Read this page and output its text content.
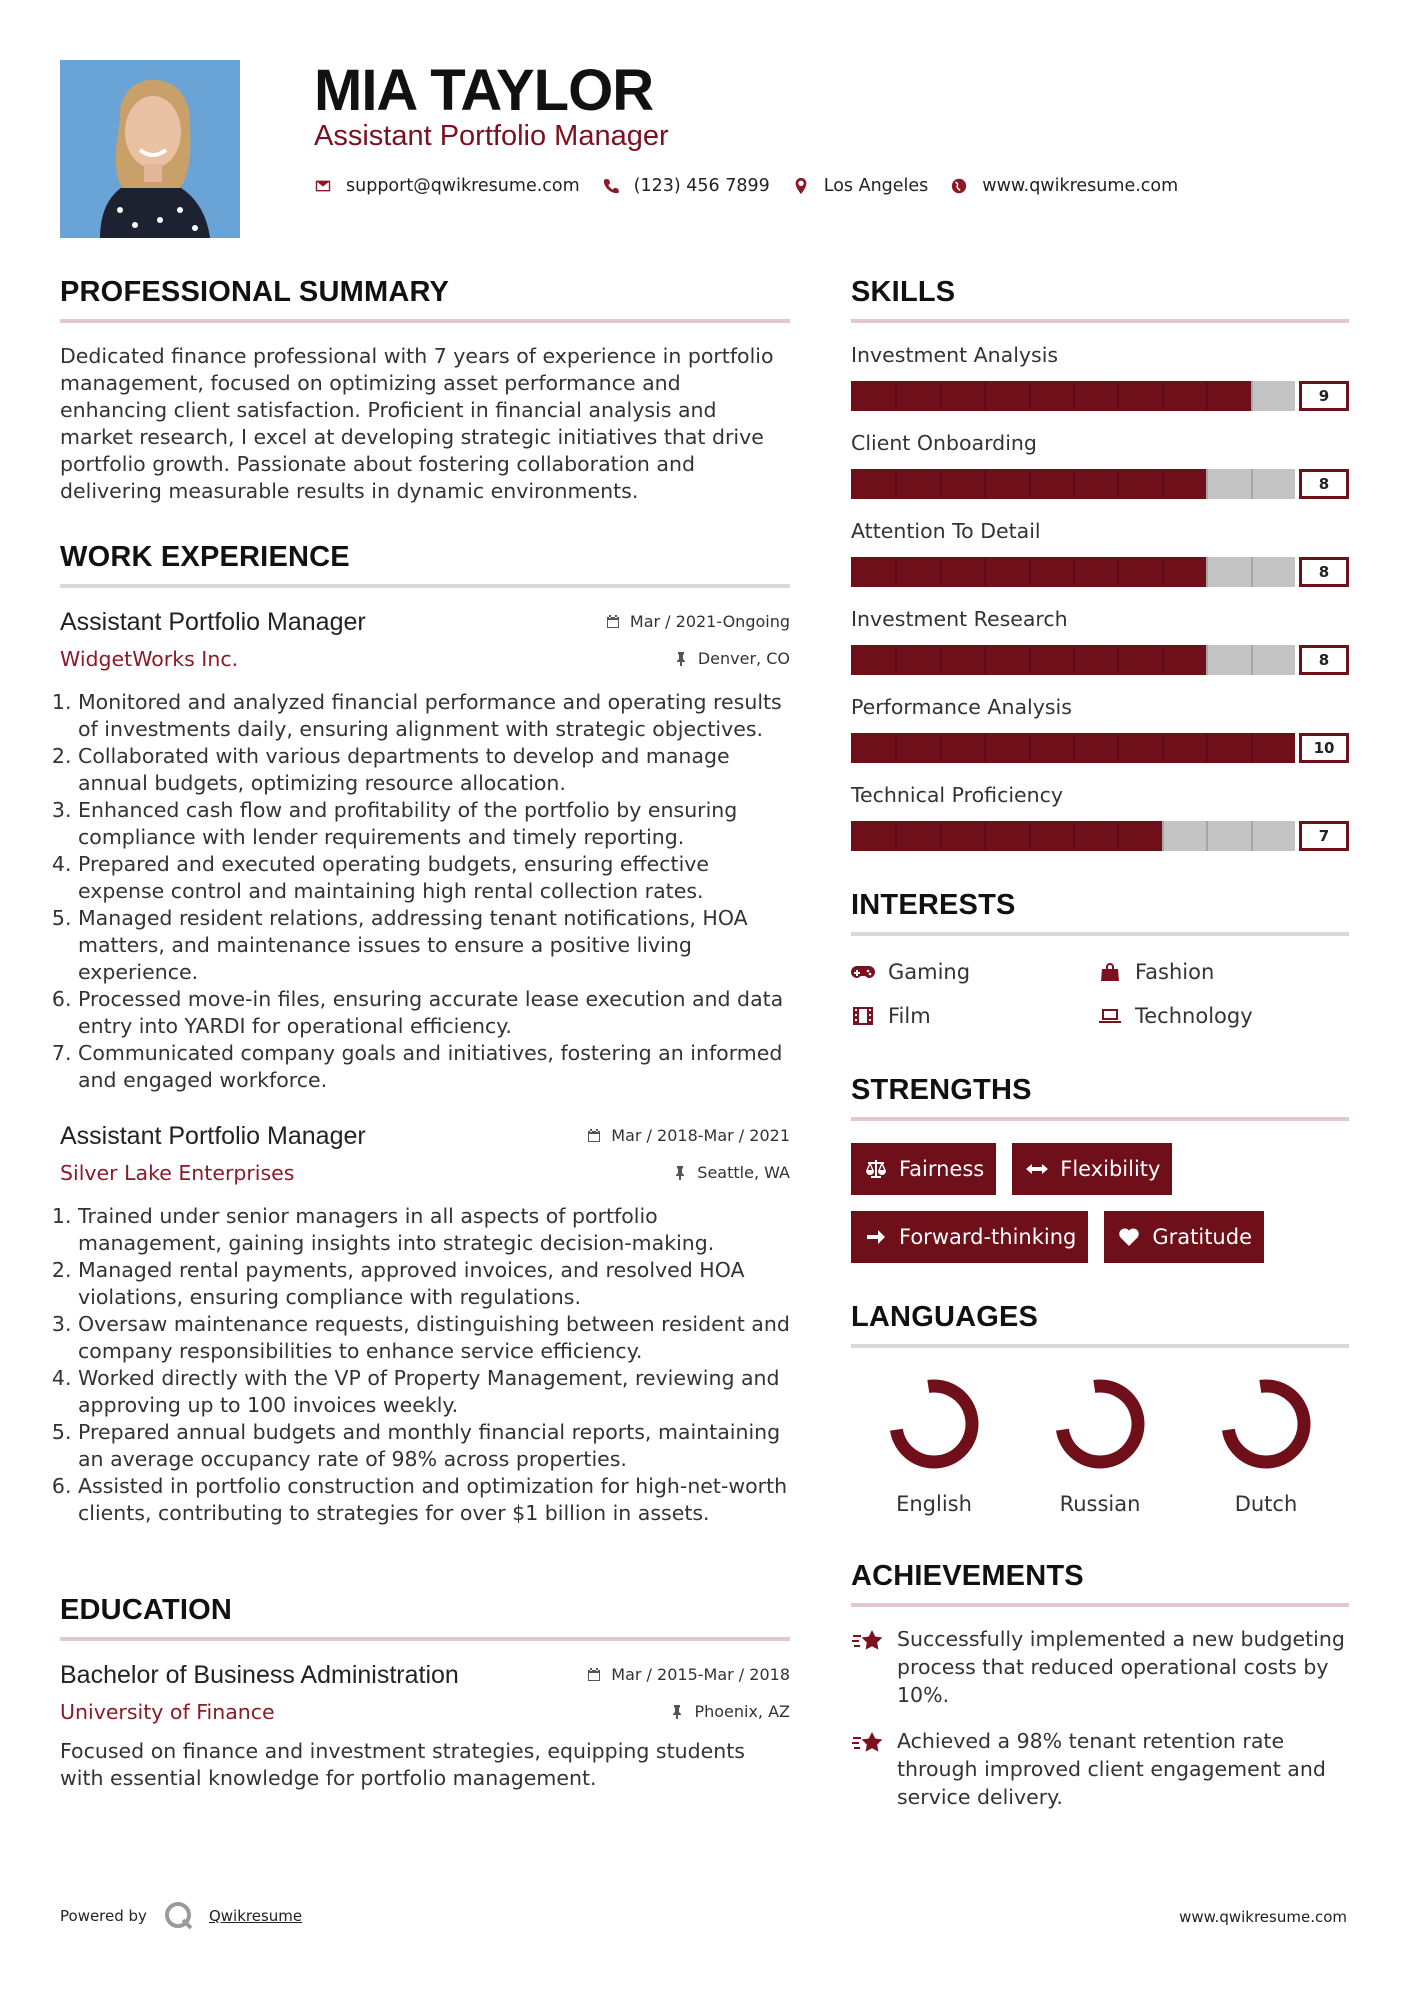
MIA TAYLOR
Assistant Portfolio Manager
support@qwikresume.com	(123) 456 7899	Los Angeles	www.qwikresume.com
PROFESSIONAL SUMMARY
Dedicated finance professional with 7 years of experience in portfolio management, focused on optimizing asset performance and enhancing client satisfaction. Proficient in financial analysis and market research, I excel at developing strategic initiatives that drive portfolio growth. Passionate about fostering collaboration and delivering measurable results in dynamic environments.
WORK EXPERIENCE
Assistant Portfolio Manager
WidgetWorks Inc.
Mar / 2021-Ongoing
Denver, CO
1. Monitored and analyzed financial performance and operating results of investments daily, ensuring alignment with strategic objectives.
2. Collaborated with various departments to develop and manage annual budgets, optimizing resource allocation.
3. Enhanced cash flow and profitability of the portfolio by ensuring compliance with lender requirements and timely reporting.
4. Prepared and executed operating budgets, ensuring effective expense control and maintaining high rental collection rates.
5. Managed resident relations, addressing tenant notifications, HOA matters, and maintenance issues to ensure a positive living experience.
6. Processed move-in files, ensuring accurate lease execution and data entry into YARDI for operational efficiency.
7. Communicated company goals and initiatives, fostering an informed and engaged workforce.
Assistant Portfolio Manager
Silver Lake Enterprises
Mar / 2018-Mar / 2021
Seattle, WA
1. Trained under senior managers in all aspects of portfolio management, gaining insights into strategic decision-making.
2. Managed rental payments, approved invoices, and resolved HOA violations, ensuring compliance with regulations.
3. Oversaw maintenance requests, distinguishing between resident and company responsibilities to enhance service efficiency.
4. Worked directly with the VP of Property Management, reviewing and approving up to 100 invoices weekly.
5. Prepared annual budgets and monthly financial reports, maintaining an average occupancy rate of 98% across properties.
6. Assisted in portfolio construction and optimization for high-net-worth clients, contributing to strategies for over $1 billion in assets.
EDUCATION
Bachelor of Business Administration
University of Finance
Mar / 2015-Mar / 2018
Phoenix, AZ
Focused on finance and investment strategies, equipping students with essential knowledge for portfolio management.
SKILLS
Investment Analysis
9
Client Onboarding
8
Attention To Detail
8
Investment Research
8
Performance Analysis
10
Technical Proficiency
7
INTERESTS
Gaming	Fashion
Film	Technology
STRENGTHS
Fairness	Flexibility
Forward-thinking	Gratitude
LANGUAGES
English	Russian	Dutch
ACHIEVEMENTS
Successfully implemented a new budgeting process that reduced operational costs by 10%.
Achieved a 98% tenant retention rate through improved client engagement and service delivery.
Powered by	Qwikresume	www.qwikresume.com
